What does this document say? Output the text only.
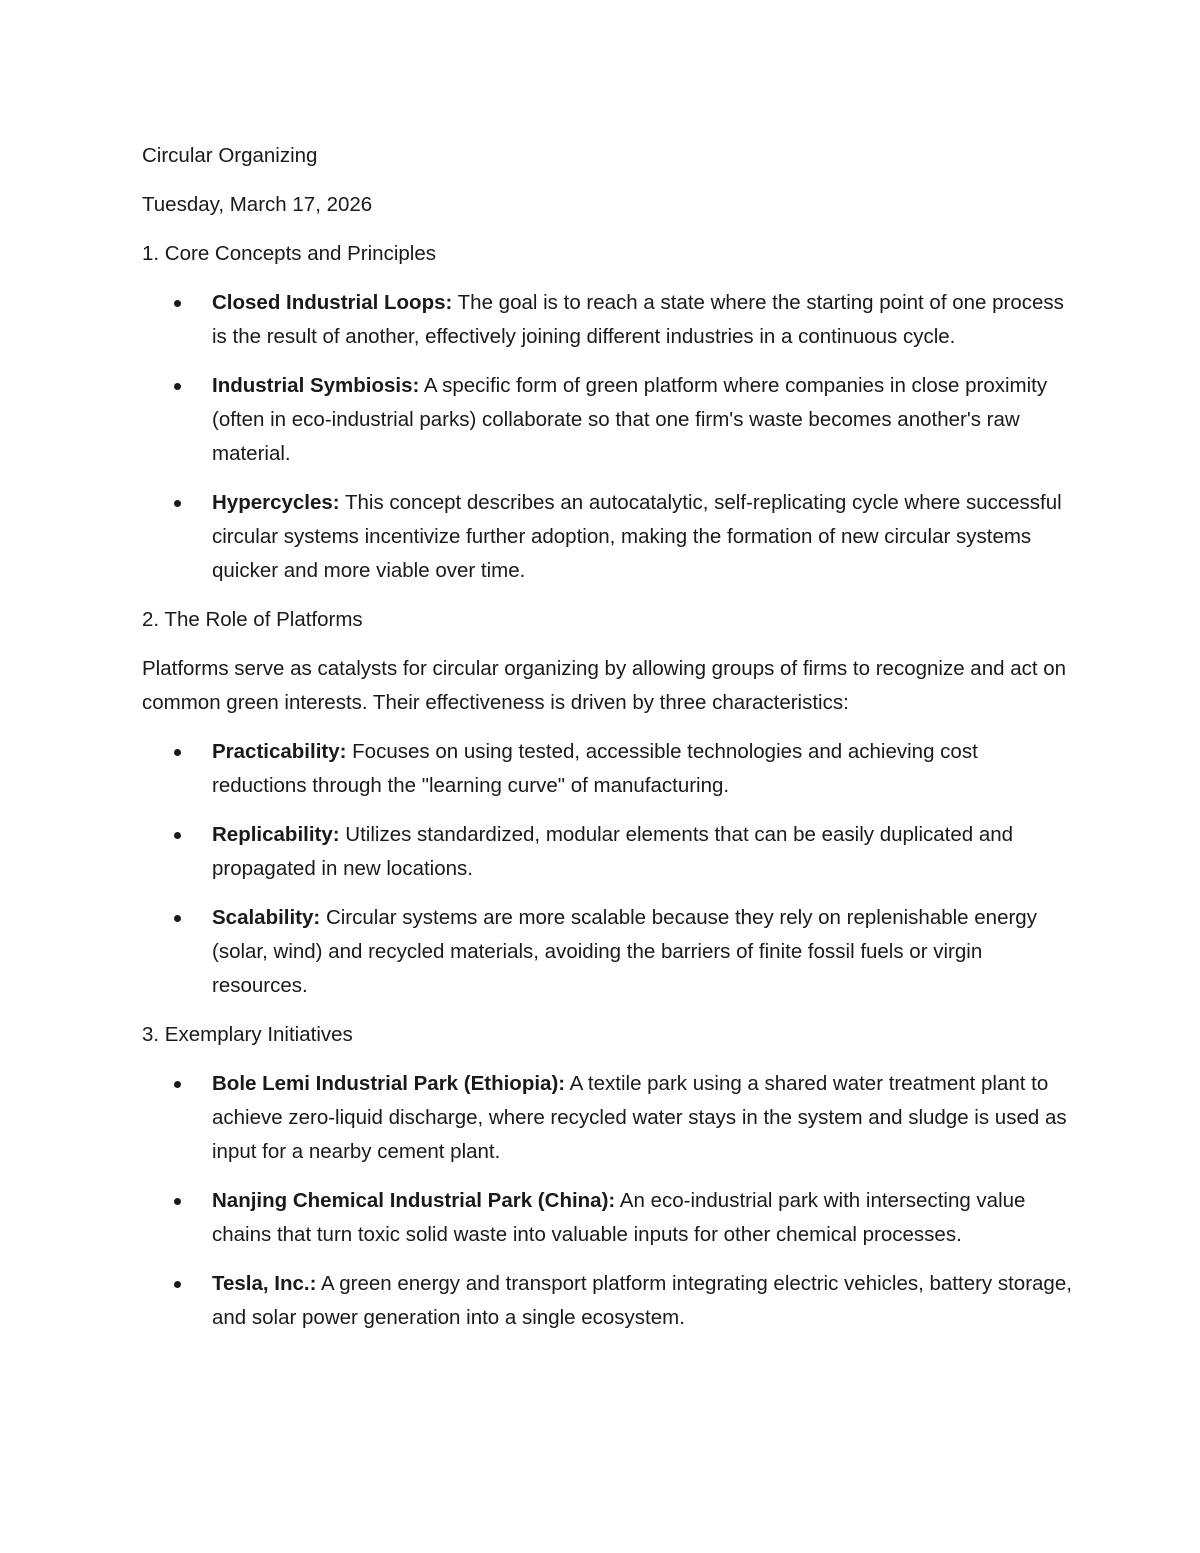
Circular Organizing
Tuesday, March 17, 2026
1. Core Concepts and Principles
Closed Industrial Loops: The goal is to reach a state where the starting point of one process is the result of another, effectively joining different industries in a continuous cycle.
Industrial Symbiosis: A specific form of green platform where companies in close proximity (often in eco-industrial parks) collaborate so that one firm's waste becomes another's raw material.
Hypercycles: This concept describes an autocatalytic, self-replicating cycle where successful circular systems incentivize further adoption, making the formation of new circular systems quicker and more viable over time.
2. The Role of Platforms
Platforms serve as catalysts for circular organizing by allowing groups of firms to recognize and act on common green interests. Their effectiveness is driven by three characteristics:
Practicability: Focuses on using tested, accessible technologies and achieving cost reductions through the "learning curve" of manufacturing.
Replicability: Utilizes standardized, modular elements that can be easily duplicated and propagated in new locations.
Scalability: Circular systems are more scalable because they rely on replenishable energy (solar, wind) and recycled materials, avoiding the barriers of finite fossil fuels or virgin resources.
3. Exemplary Initiatives
Bole Lemi Industrial Park (Ethiopia): A textile park using a shared water treatment plant to achieve zero-liquid discharge, where recycled water stays in the system and sludge is used as input for a nearby cement plant.
Nanjing Chemical Industrial Park (China): An eco-industrial park with intersecting value chains that turn toxic solid waste into valuable inputs for other chemical processes.
Tesla, Inc.: A green energy and transport platform integrating electric vehicles, battery storage, and solar power generation into a single ecosystem.
